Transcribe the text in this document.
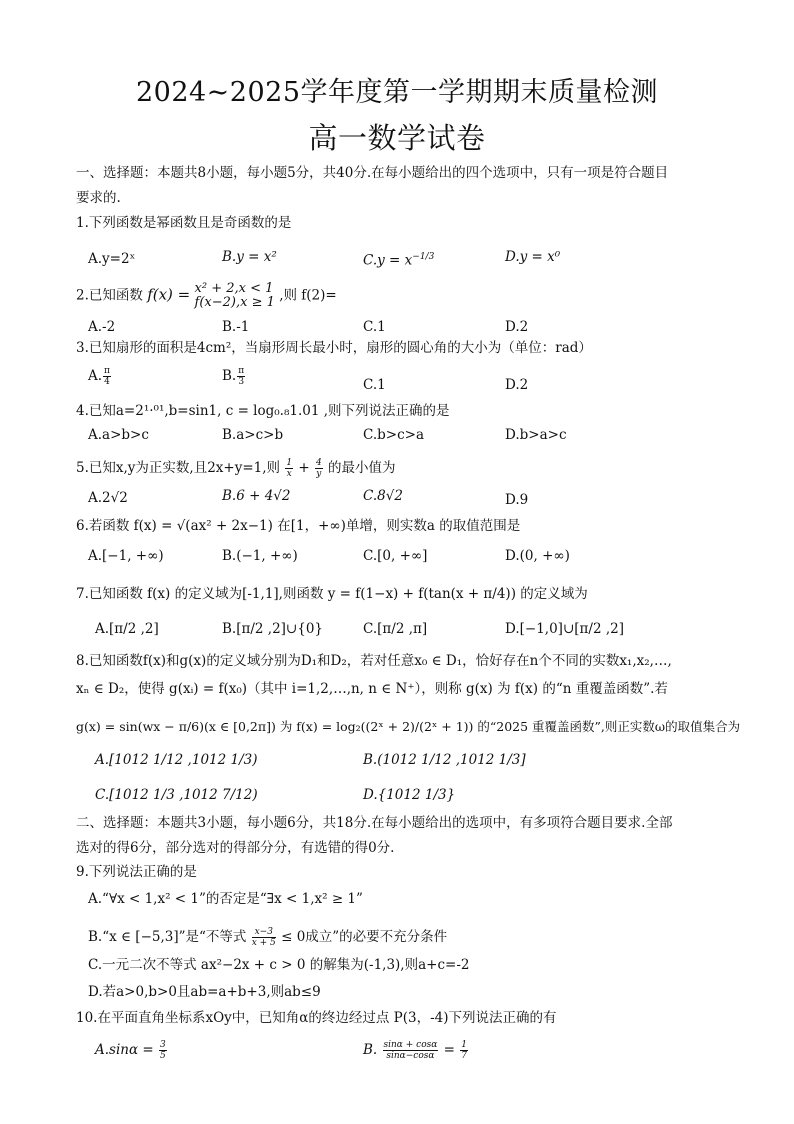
2024~2025学年度第一学期期末质量检测
高一数学试卷
一、选择题：本题共8小题，每小题5分，共40分.在每小题给出的四个选项中，只有一项是符合题目
要求的.
1.下列函数是幂函数且是奇函数的是
A.y=2ˣ	B.y = x²	$C.y = x^{-1/3}$	D.y = x⁰
2.已知函数 f(x) = x² + 2,x < 1
f(x−2),x ≥ 1 ,则 f(2)=
A.-2	B.-1	C.1	D.2
3.已知扇形的面积是4cm²，当扇形周长最小时，扇形的圆心角的大小为（单位：rad）
A. $\frac{\pi}{4}$	B. $\frac{\pi}{3}$	C.1	D.2
4.已知a=2¹·⁰¹,b=sin1, c = log₀.₈1.01 ,则下列说法正确的是
A.a>b>c	B.a>c>b	C.b>c>a	D.b>a>c
5.已知x,y为正实数,且2x+y=1,则 $\frac{1}{x} + \frac{4}{y}$ 的最小值为
A.2√2	B.6 + 4√2	C.8√2	D.9
6.若函数 f(x) = √(ax² + 2x−1) 在[1，+∞)单增，则实数a 的取值范围是
A.[−1, +∞)	B.(−1, +∞)	C.[0, +∞]	D.(0, +∞)
7.已知函数 f(x) 的定义域为[-1,1],则函数 y = f(1−x) + f(tan(x + π/4)) 的定义域为
A.[π/2 ,2]	B.[π/2 ,2]∪{0}	C.[π/2 ,π]	D.[−1,0]∪[π/2 ,2]
8.已知函数f(x)和g(x)的定义域分别为D₁和D₂，若对任意x₀ ∈ D₁，恰好存在n个不同的实数x₁,x₂,…,
xₙ ∈ D₂，使得 g(xᵢ) = f(x₀)（其中 i=1,2,…,n, n ∈ N⁺），则称 g(x) 为 f(x) 的“n 重覆盖函数”.若
g(x) = sin(wx − π/6)(x ∈ [0,2π]) 为 f(x) = log₂((2ˣ + 2)/(2ˣ + 1)) 的“2025 重覆盖函数”,则正实数ω的取值集合为
A.[1012 1/12 ,1012 1/3)	B.(1012 1/12 ,1012 1/3]
C.[1012 1/3 ,1012 7/12)	D.{1012 1/3}
二、选择题：本题共3小题，每小题6分，共18分.在每小题给出的选项中，有多项符合题目要求.全部
选对的得6分，部分选对的得部分分，有选错的得0分.
9.下列说法正确的是
A.“∀x < 1,x² < 1”的否定是“∃x < 1,x² ≥ 1”
B.“x ∈ [−5,3]”是“不等式 $\frac{x-3}{x + 5} \le 0$成立”的必要不充分条件
C.一元二次不等式 ax²−2x + c > 0 的解集为(-1,3),则a+c=-2
D.若a>0,b>0且ab=a+b+3,则ab≤9
10.在平面直角坐标系xOy中，已知角α的终边经过点 P(3，-4)下列说法正确的有
$A.\sin\alpha = \frac{3}{5}$	B. $\frac{\sin\alpha + \cos\alpha}{\sin\alpha-\cos\alpha} = \frac{1}{7}$
